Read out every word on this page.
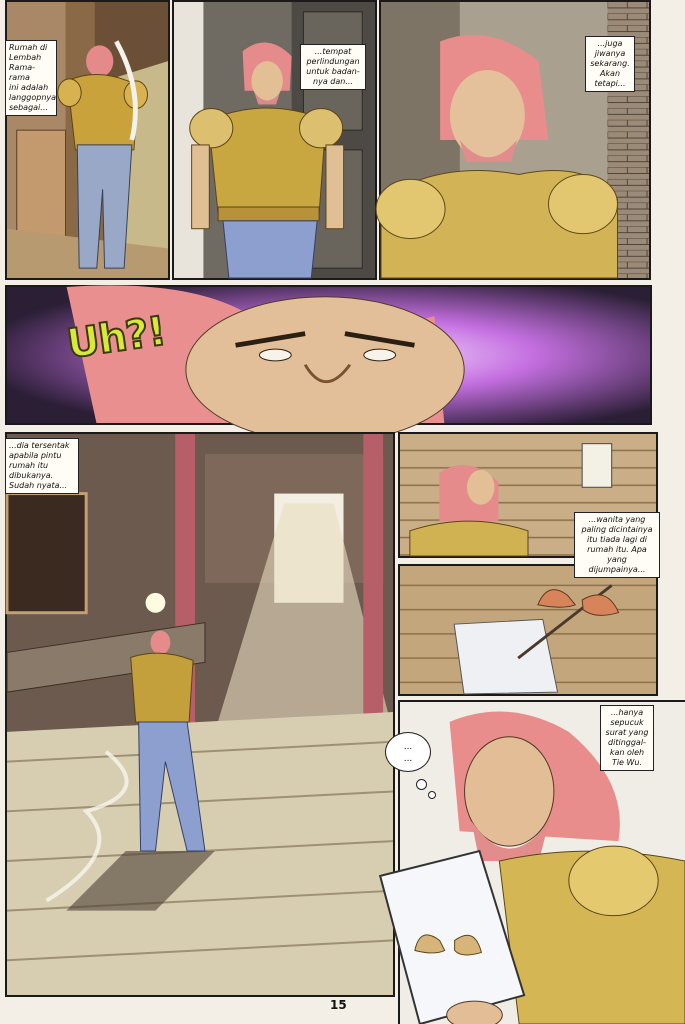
Rumah di
Lembah
Rama-rama
ini adalah
langgopnya
sebagai...
...tempat
perlindungan
untuk badan-
nya dan...
...juga
jiwanya
sekarang.
Akan
tetapi...
Uh?!
...dia tersentak
apabila pintu
rumah itu
dibukanya.
Sudah nyata...
...wanita yang
paling dicintainya
itu tiada lagi di
rumah itu. Apa
yang dijumpainya...
...hanya
sepucuk
surat yang
ditinggal-
kan oleh
Tie Wu.
...
...
15
